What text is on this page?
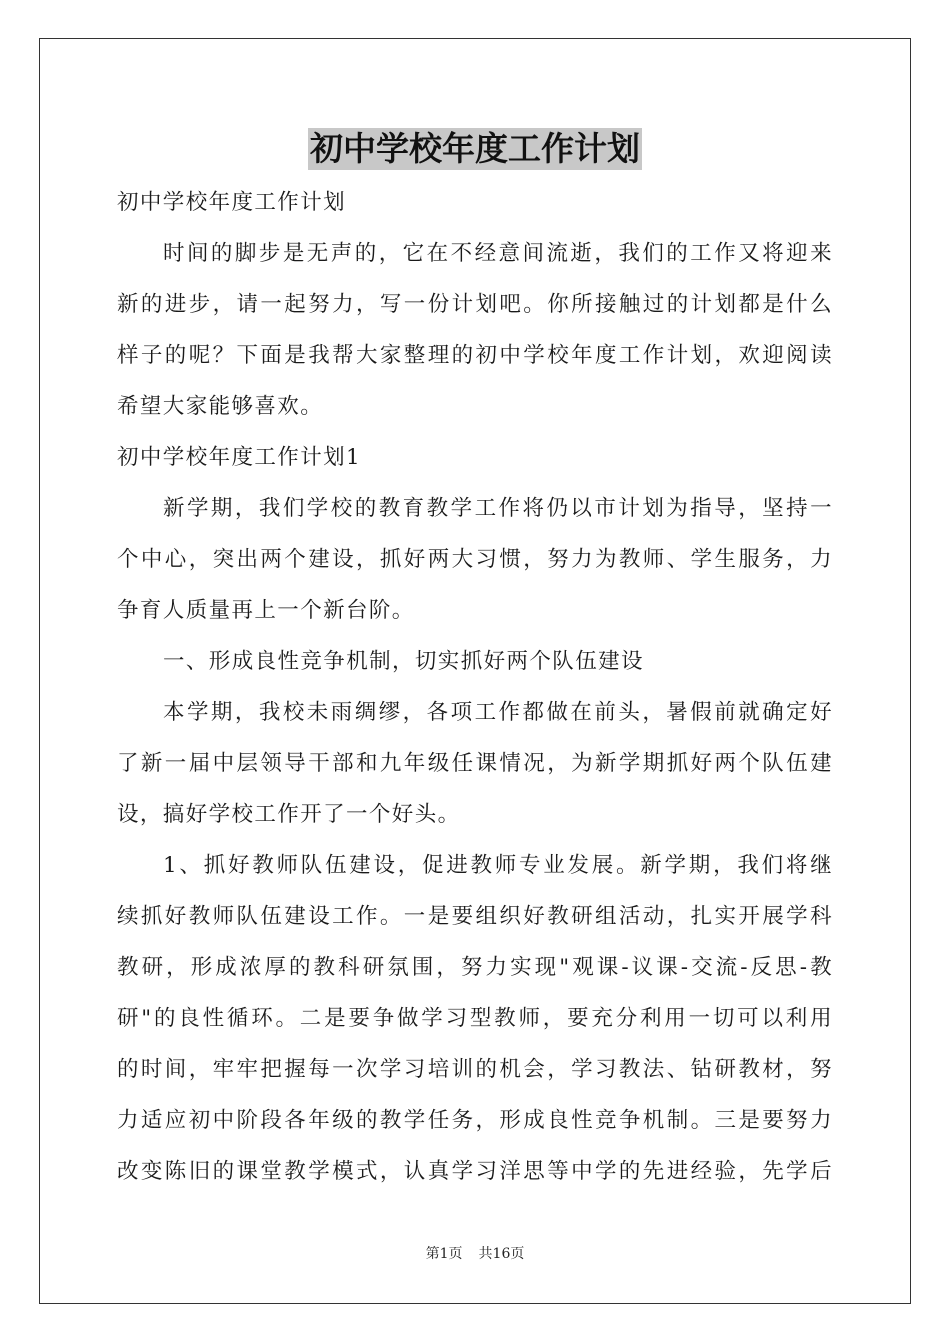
初中学校年度工作计划
初中学校年度工作计划
时间的脚步是无声的，它在不经意间流逝，我们的工作又将迎来
新的进步，请一起努力，写一份计划吧。你所接触过的计划都是什么
样子的呢？下面是我帮大家整理的初中学校年度工作计划，欢迎阅读
希望大家能够喜欢。
初中学校年度工作计划1
新学期，我们学校的教育教学工作将仍以市计划为指导，坚持一
个中心，突出两个建设，抓好两大习惯，努力为教师、学生服务，力
争育人质量再上一个新台阶。
一、形成良性竞争机制，切实抓好两个队伍建设
本学期，我校未雨绸缪，各项工作都做在前头，暑假前就确定好
了新一届中层领导干部和九年级任课情况，为新学期抓好两个队伍建
设，搞好学校工作开了一个好头。
1、抓好教师队伍建设，促进教师专业发展。新学期，我们将继
续抓好教师队伍建设工作。一是要组织好教研组活动，扎实开展学科
教研，形成浓厚的教科研氛围，努力实现"观课-议课-交流-反思-教
研"的良性循环。二是要争做学习型教师，要充分利用一切可以利用
的时间，牢牢把握每一次学习培训的机会，学习教法、钻研教材，努
力适应初中阶段各年级的教学任务，形成良性竞争机制。三是要努力
改变陈旧的课堂教学模式，认真学习洋思等中学的先进经验，先学后
第1页 共16页
